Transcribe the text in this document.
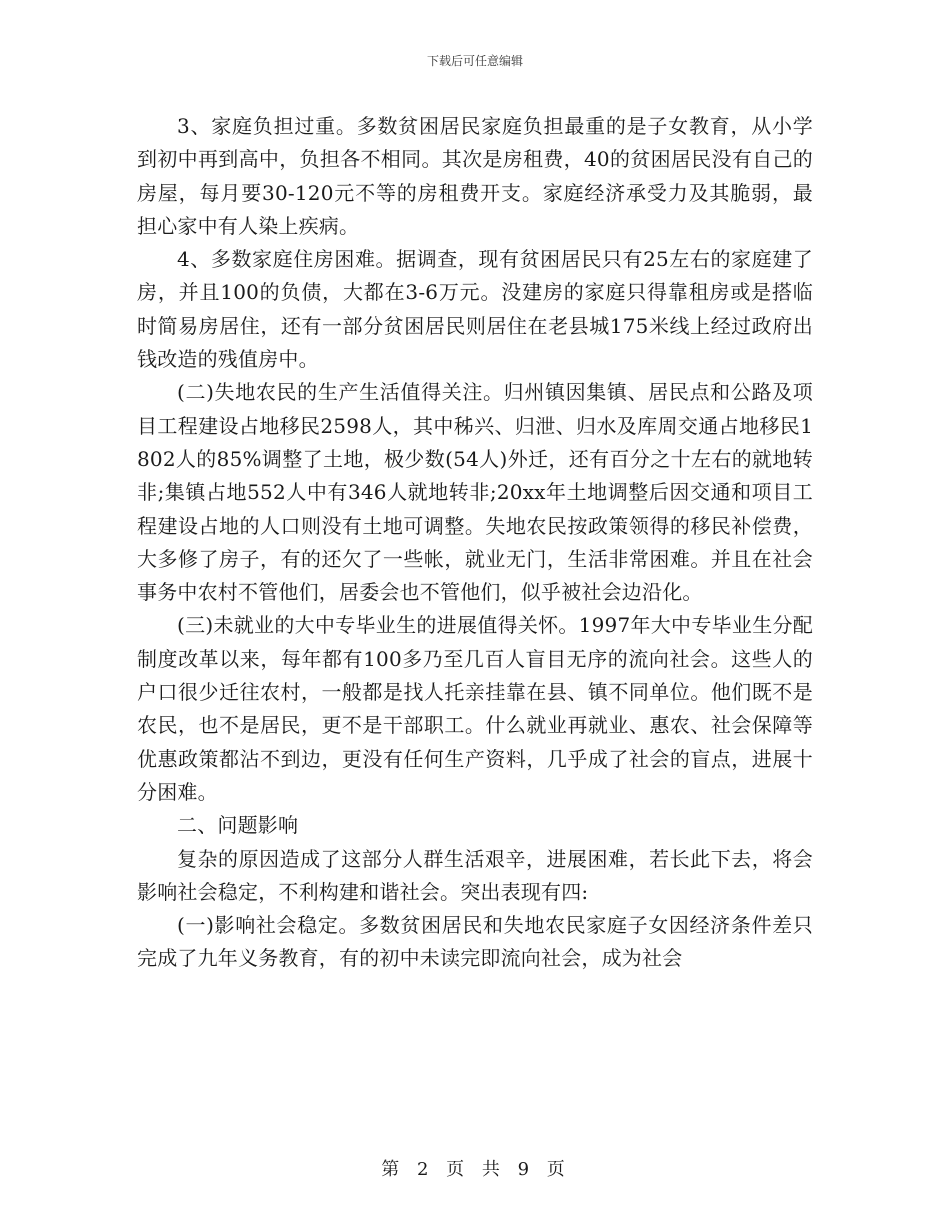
下载后可任意编辑

3、家庭负担过重。多数贫困居民家庭负担最重的是子女教育，从小学到初中再到高中，负担各不相同。其次是房租费，40的贫困居民没有自己的房屋，每月要30-120元不等的房租费开支。家庭经济承受力及其脆弱，最担心家中有人染上疾病。

4、多数家庭住房困难。据调查，现有贫困居民只有25左右的家庭建了房，并且100的负债，大都在3-6万元。没建房的家庭只得靠租房或是搭临时简易房居住，还有一部分贫困居民则居住在老县城175米线上经过政府出钱改造的残值房中。

(二)失地农民的生产生活值得关注。归州镇因集镇、居民点和公路及项目工程建设占地移民2598人，其中秭兴、归泄、归水及库周交通占地移民1802人的85%调整了土地，极少数(54人)外迁，还有百分之十左右的就地转非;集镇占地552人中有346人就地转非;20xx年土地调整后因交通和项目工程建设占地的人口则没有土地可调整。失地农民按政策领得的移民补偿费，大多修了房子，有的还欠了一些帐，就业无门，生活非常困难。并且在社会事务中农村不管他们，居委会也不管他们，似乎被社会边沿化。

(三)未就业的大中专毕业生的进展值得关怀。1997年大中专毕业生分配制度改革以来，每年都有100多乃至几百人盲目无序的流向社会。这些人的户口很少迁往农村，一般都是找人托亲挂靠在县、镇不同单位。他们既不是农民，也不是居民，更不是干部职工。什么就业再就业、惠农、社会保障等优惠政策都沾不到边，更没有任何生产资料，几乎成了社会的盲点，进展十分困难。

二、问题影响

复杂的原因造成了这部分人群生活艰辛，进展困难，若长此下去，将会影响社会稳定，不利构建和谐社会。突出表现有四:

(一)影响社会稳定。多数贫困居民和失地农民家庭子女因经济条件差只完成了九年义务教育，有的初中未读完即流向社会，成为社会

第 2 页 共 9 页
